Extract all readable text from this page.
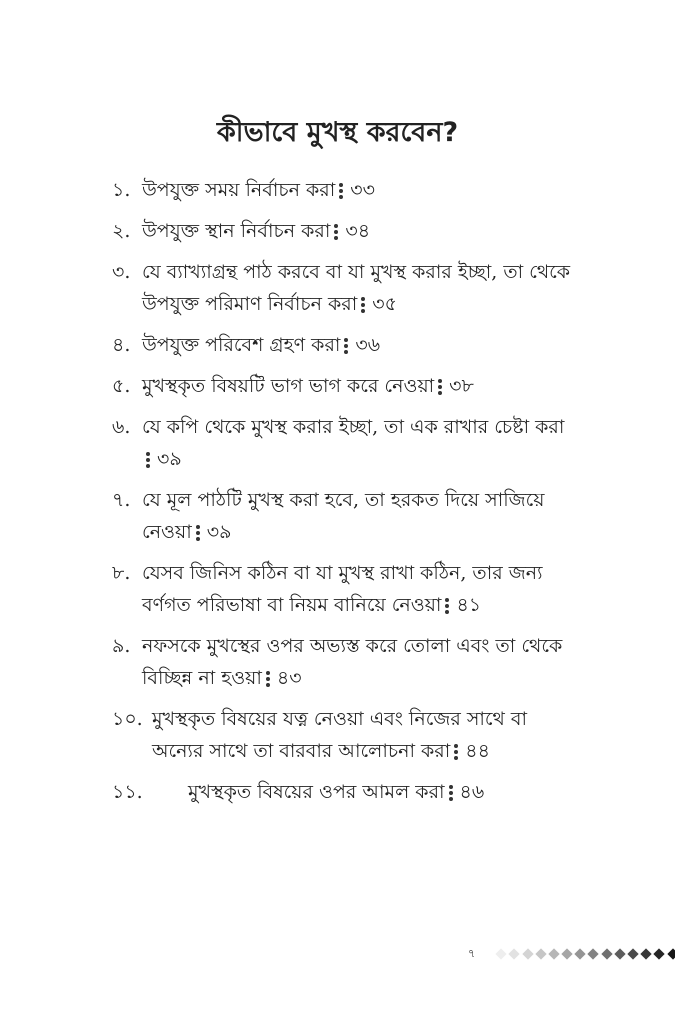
কীভাবে মুখস্থ করবেন?
১. উপযুক্ত সময় নির্বাচন করা ৩৩
২. উপযুক্ত স্থান নির্বাচন করা ৩৪
৩. যে ব্যাখ্যাগ্রন্থ পাঠ করবে বা যা মুখস্থ করার ইচ্ছা, তা থেকে উপযুক্ত পরিমাণ নির্বাচন করা ৩৫
৪. উপযুক্ত পরিবেশ গ্রহণ করা ৩৬
৫. মুখস্থকৃত বিষয়টি ভাগ ভাগ করে নেওয়া ৩৮
৬. যে কপি থেকে মুখস্থ করার ইচ্ছা, তা এক রাখার চেষ্টা করা
৩৯
৭. যে মূল পাঠটি মুখস্থ করা হবে, তা হরকত দিয়ে সাজিয়ে নেওয়া ৩৯
৮. যেসব জিনিস কঠিন বা যা মুখস্থ রাখা কঠিন, তার জন্য বর্ণগত পরিভাষা বা নিয়ম বানিয়ে নেওয়া ৪১
৯. নফসকে মুখস্থের ওপর অভ্যস্ত করে তোলা এবং তা থেকে বিচ্ছিন্ন না হওয়া ৪৩
১০. মুখস্থকৃত বিষয়ের যত্ন নেওয়া এবং নিজের সাথে বা অন্যের সাথে তা বারবার আলোচনা করা ৪৪
১১.	মুখস্থকৃত বিষয়ের ওপর আমল করা ৪৬
৭
